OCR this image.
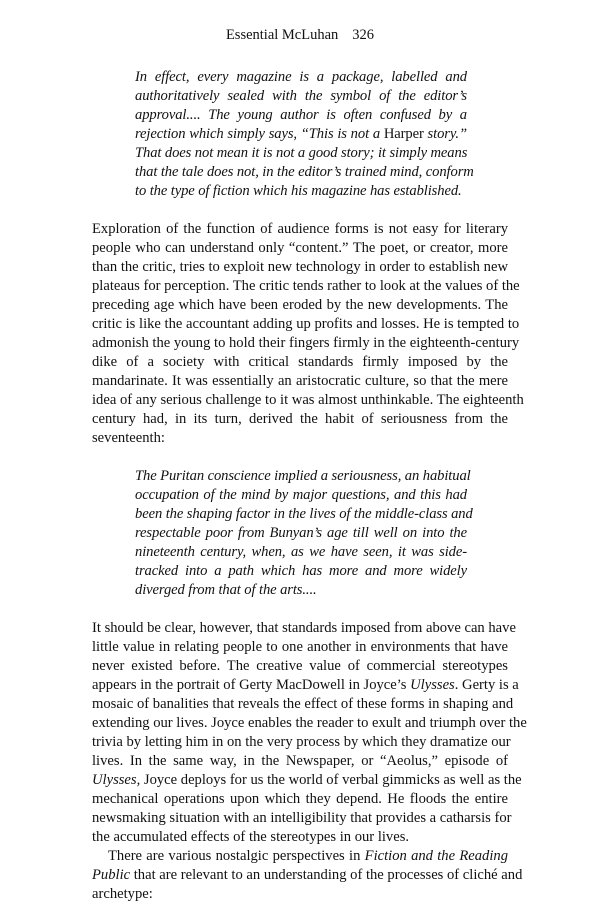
Essential McLuhan 326
In effect, every magazine is a package, labelled and
authoritatively sealed with the symbol of the editor’s
approval.... The young author is often confused by a
rejection which simply says, “This is not a Harper story.”
That does not mean it is not a good story; it simply means
that the tale does not, in the editor’s trained mind, conform
to the type of fiction which his magazine has established.
Exploration of the function of audience forms is not easy for literary
people who can understand only “content.” The poet, or creator, more
than the critic, tries to exploit new technology in order to establish new
plateaus for perception. The critic tends rather to look at the values of the
preceding age which have been eroded by the new developments. The
critic is like the accountant adding up profits and losses. He is tempted to
admonish the young to hold their fingers firmly in the eighteenth-century
dike of a society with critical standards firmly imposed by the
mandarinate. It was essentially an aristocratic culture, so that the mere
idea of any serious challenge to it was almost unthinkable. The eighteenth
century had, in its turn, derived the habit of seriousness from the
seventeenth:
The Puritan conscience implied a seriousness, an habitual
occupation of the mind by major questions, and this had
been the shaping factor in the lives of the middle-class and
respectable poor from Bunyan’s age till well on into the
nineteenth century, when, as we have seen, it was side-
tracked into a path which has more and more widely
diverged from that of the arts....
It should be clear, however, that standards imposed from above can have
little value in relating people to one another in environments that have
never existed before. The creative value of commercial stereotypes
appears in the portrait of Gerty MacDowell in Joyce’s Ulysses. Gerty is a
mosaic of banalities that reveals the effect of these forms in shaping and
extending our lives. Joyce enables the reader to exult and triumph over the
trivia by letting him in on the very process by which they dramatize our
lives. In the same way, in the Newspaper, or “Aeolus,” episode of
Ulysses, Joyce deploys for us the world of verbal gimmicks as well as the
mechanical operations upon which they depend. He floods the entire
newsmaking situation with an intelligibility that provides a catharsis for
the accumulated effects of the stereotypes in our lives.
There are various nostalgic perspectives in Fiction and the Reading
Public that are relevant to an understanding of the processes of cliché and
archetype:
